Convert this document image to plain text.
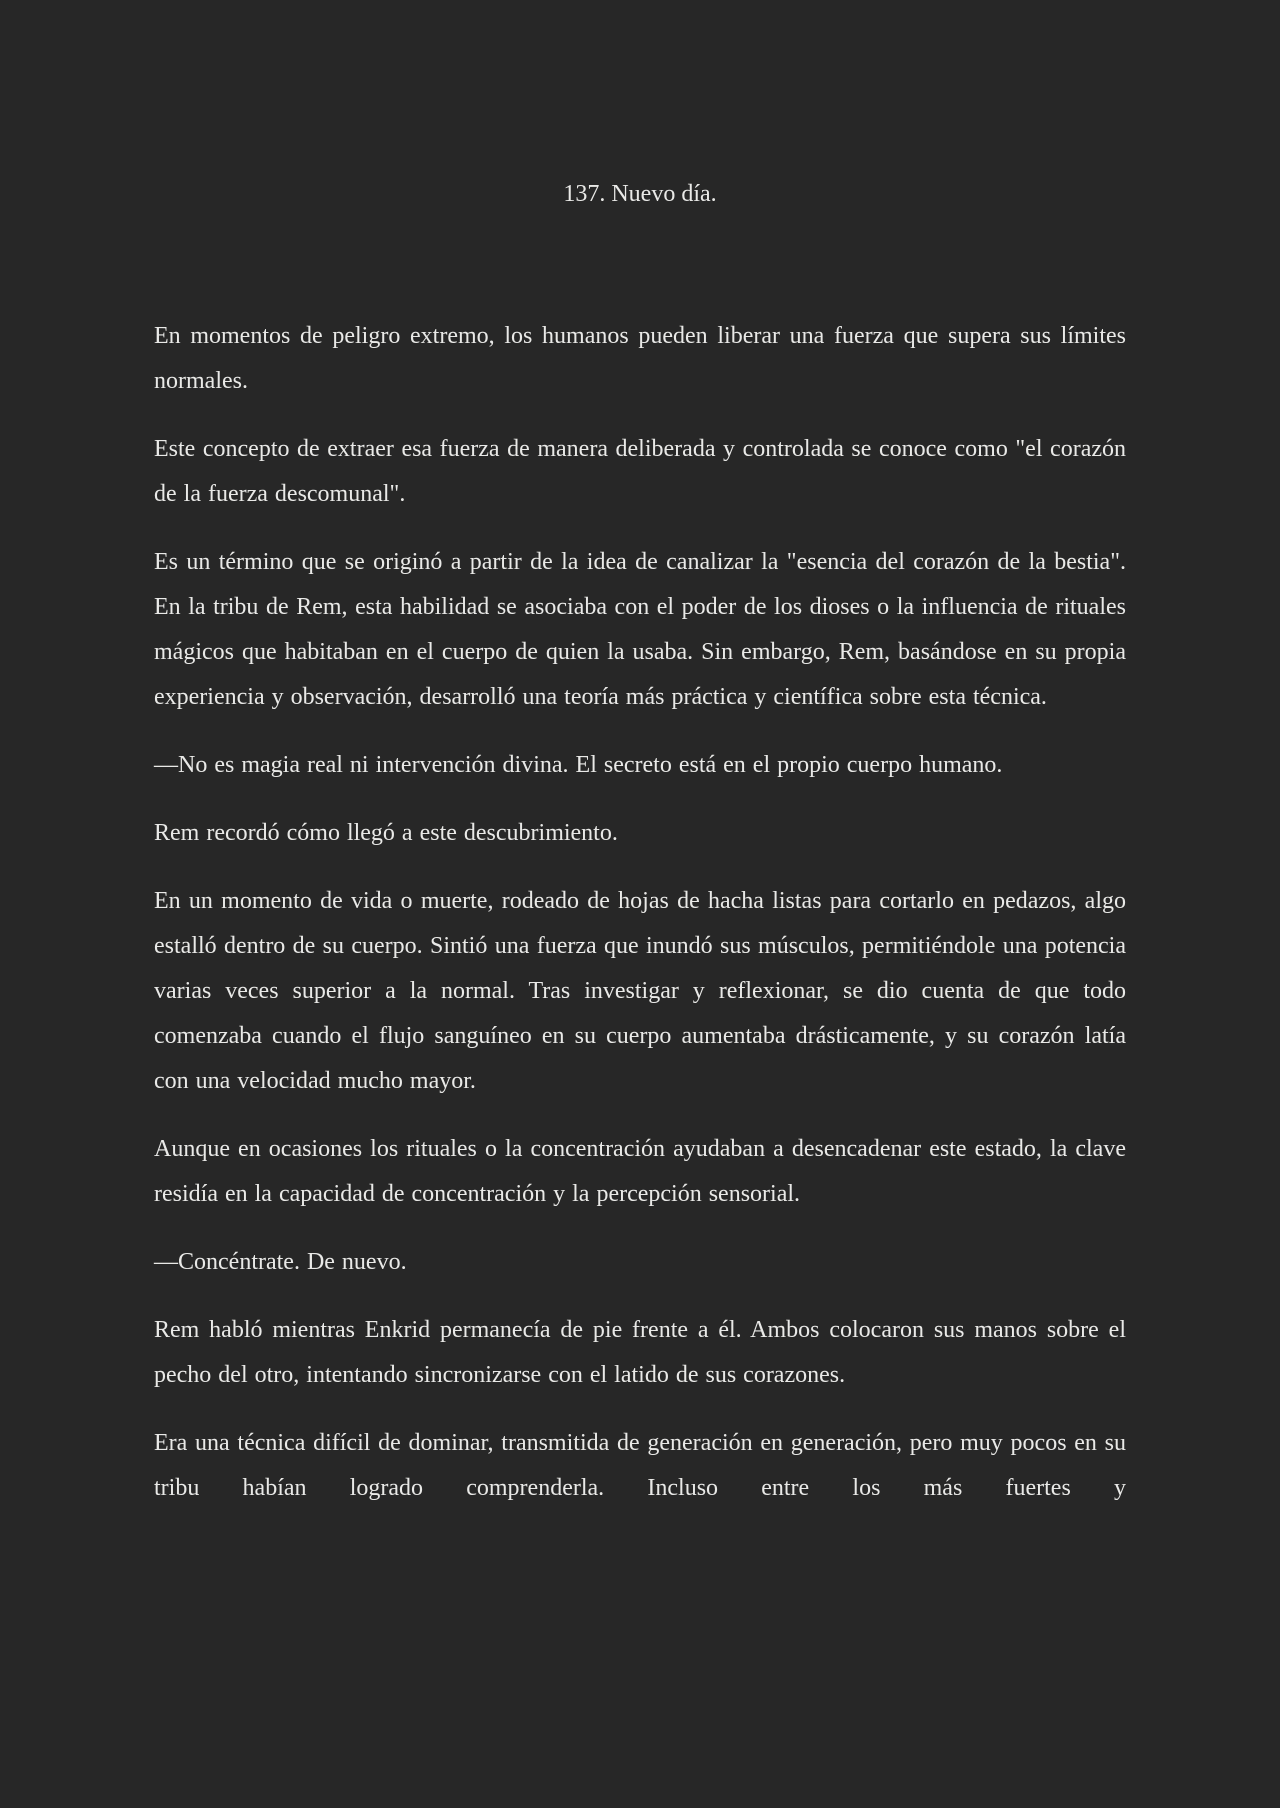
137. Nuevo día.

En momentos de peligro extremo, los humanos pueden liberar una fuerza que supera sus límites normales.

Este concepto de extraer esa fuerza de manera deliberada y controlada se conoce como "el corazón de la fuerza descomunal".

Es un término que se originó a partir de la idea de canalizar la "esencia del corazón de la bestia". En la tribu de Rem, esta habilidad se asociaba con el poder de los dioses o la influencia de rituales mágicos que habitaban en el cuerpo de quien la usaba. Sin embargo, Rem, basándose en su propia experiencia y observación, desarrolló una teoría más práctica y científica sobre esta técnica.

—No es magia real ni intervención divina. El secreto está en el propio cuerpo humano.

Rem recordó cómo llegó a este descubrimiento.

En un momento de vida o muerte, rodeado de hojas de hacha listas para cortarlo en pedazos, algo estalló dentro de su cuerpo. Sintió una fuerza que inundó sus músculos, permitiéndole una potencia varias veces superior a la normal. Tras investigar y reflexionar, se dio cuenta de que todo comenzaba cuando el flujo sanguíneo en su cuerpo aumentaba drásticamente, y su corazón latía con una velocidad mucho mayor.

Aunque en ocasiones los rituales o la concentración ayudaban a desencadenar este estado, la clave residía en la capacidad de concentración y la percepción sensorial.

—Concéntrate. De nuevo.

Rem habló mientras Enkrid permanecía de pie frente a él. Ambos colocaron sus manos sobre el pecho del otro, intentando sincronizarse con el latido de sus corazones.

Era una técnica difícil de dominar, transmitida de generación en generación, pero muy pocos en su tribu habían logrado comprenderla. Incluso entre los más fuertes y
